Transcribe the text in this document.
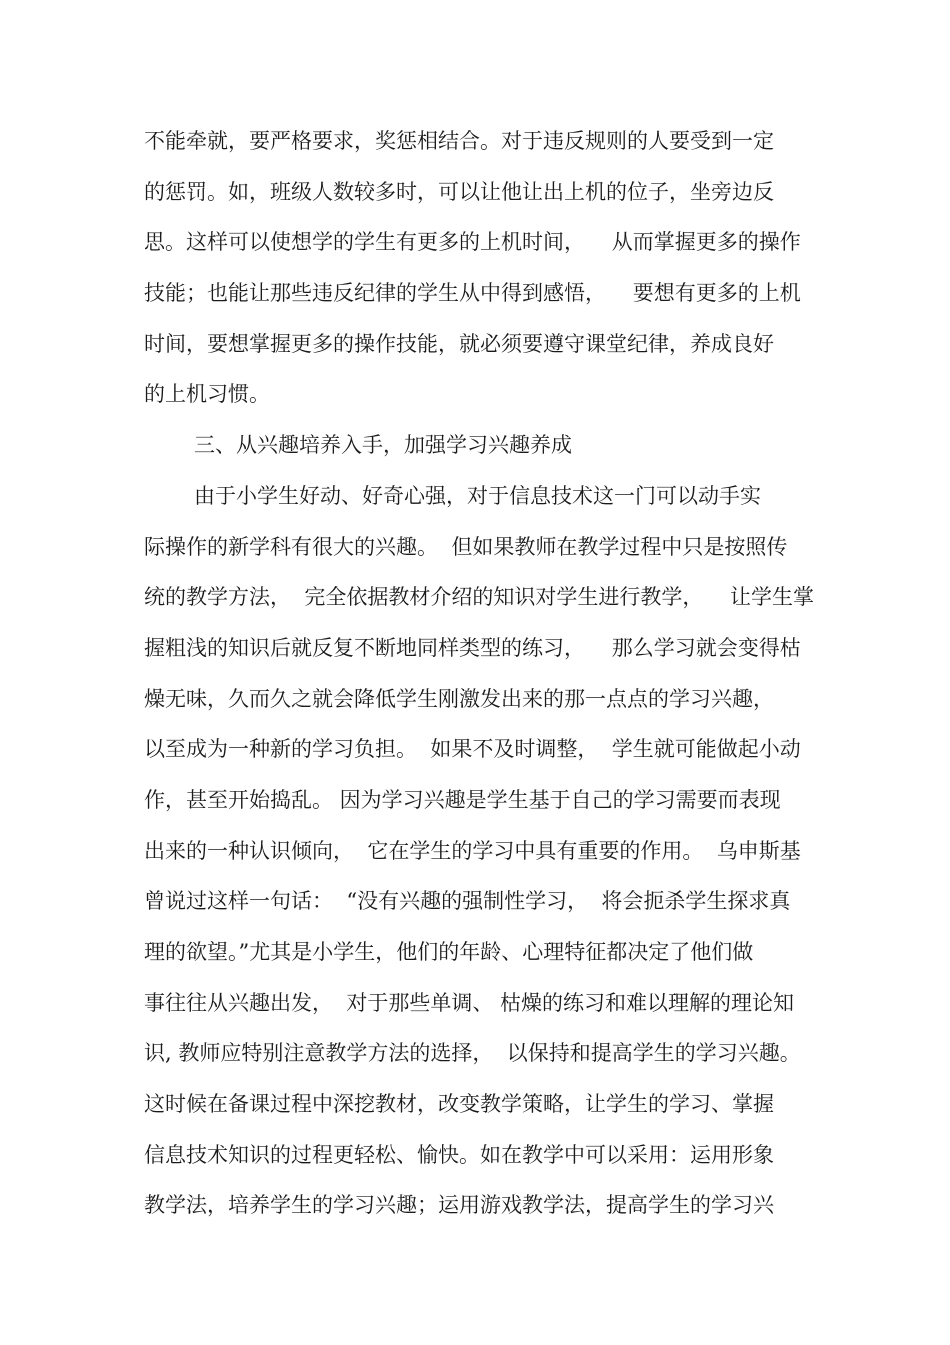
不能牵就，要严格要求，奖惩相结合。对于违反规则的人要受到一定
的惩罚。如，班级人数较多时，可以让他让出上机的位子，坐旁边反
思。这样可以使想学的学生有更多的上机时间，    从而掌握更多的操作
技能；也能让那些违反纪律的学生从中得到感悟，    要想有更多的上机
时间，要想掌握更多的操作技能，就必须要遵守课堂纪律，养成良好
的上机习惯。
三、从兴趣培养入手，加强学习兴趣养成
由于小学生好动、好奇心强，对于信息技术这一门可以动手实
际操作的新学科有很大的兴趣。  但如果教师在教学过程中只是按照传
统的教学方法，  完全依据教材介绍的知识对学生进行教学，    让学生掌
握粗浅的知识后就反复不断地同样类型的练习，    那么学习就会变得枯
燥无味，久而久之就会降低学生刚激发出来的那一点点的学习兴趣，
以至成为一种新的学习负担。  如果不及时调整，  学生就可能做起小动
作，甚至开始捣乱。 因为学习兴趣是学生基于自己的学习需要而表现
出来的一种认识倾向，  它在学生的学习中具有重要的作用。  乌申斯基
曾说过这样一句话：  “没有兴趣的强制性学习，  将会扼杀学生探求真
理的欲望。”尤其是小学生，他们的年龄、心理特征都决定了他们做
事往往从兴趣出发，  对于那些单调、 枯燥的练习和难以理解的理论知
识, 教师应特别注意教学方法的选择，  以保持和提高学生的学习兴趣。
这时候在备课过程中深挖教材，改变教学策略，让学生的学习、掌握
信息技术知识的过程更轻松、愉快。如在教学中可以采用：运用形象
教学法，培养学生的学习兴趣；运用游戏教学法，提高学生的学习兴
